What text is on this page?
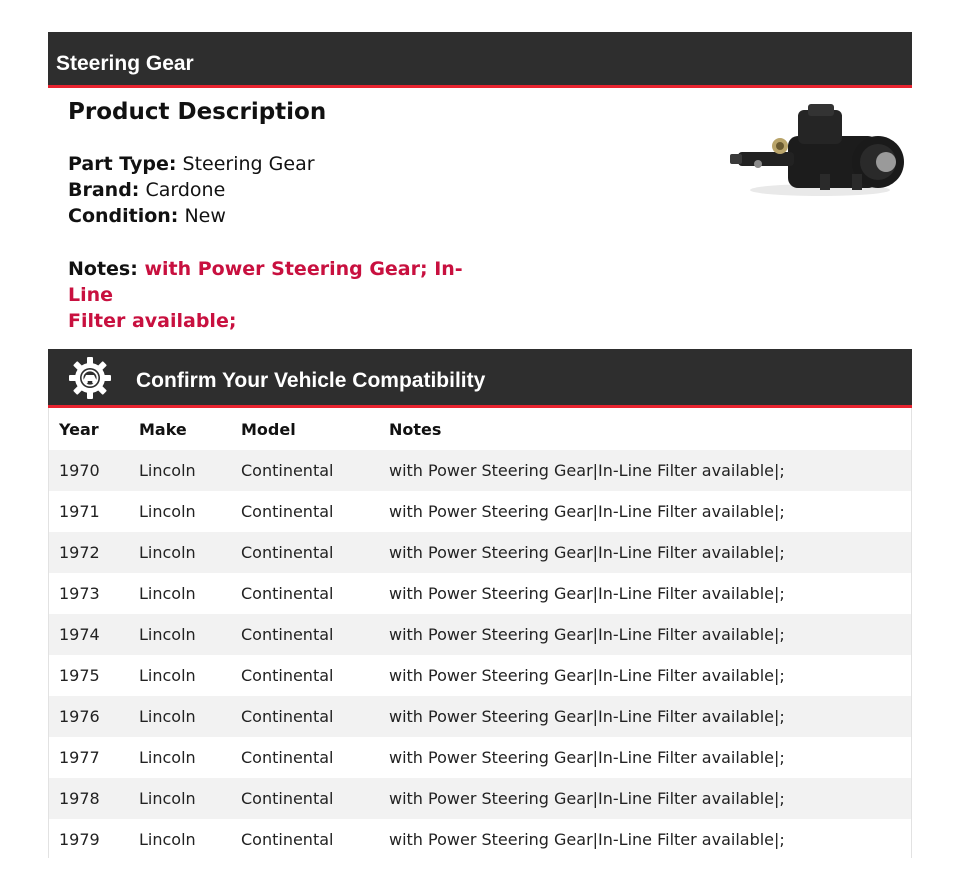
Steering Gear
Product Description
Part Type: Steering Gear
Brand: Cardone
Condition: New
Notes: with Power Steering Gear; In-Line
Filter available;
Confirm Your Vehicle Compatibility
Year	Make	Model	Notes
1970	Lincoln	Continental	with Power Steering Gear|In-Line Filter available|;
1971	Lincoln	Continental	with Power Steering Gear|In-Line Filter available|;
1972	Lincoln	Continental	with Power Steering Gear|In-Line Filter available|;
1973	Lincoln	Continental	with Power Steering Gear|In-Line Filter available|;
1974	Lincoln	Continental	with Power Steering Gear|In-Line Filter available|;
1975	Lincoln	Continental	with Power Steering Gear|In-Line Filter available|;
1976	Lincoln	Continental	with Power Steering Gear|In-Line Filter available|;
1977	Lincoln	Continental	with Power Steering Gear|In-Line Filter available|;
1978	Lincoln	Continental	with Power Steering Gear|In-Line Filter available|;
1979	Lincoln	Continental	with Power Steering Gear|In-Line Filter available|;
